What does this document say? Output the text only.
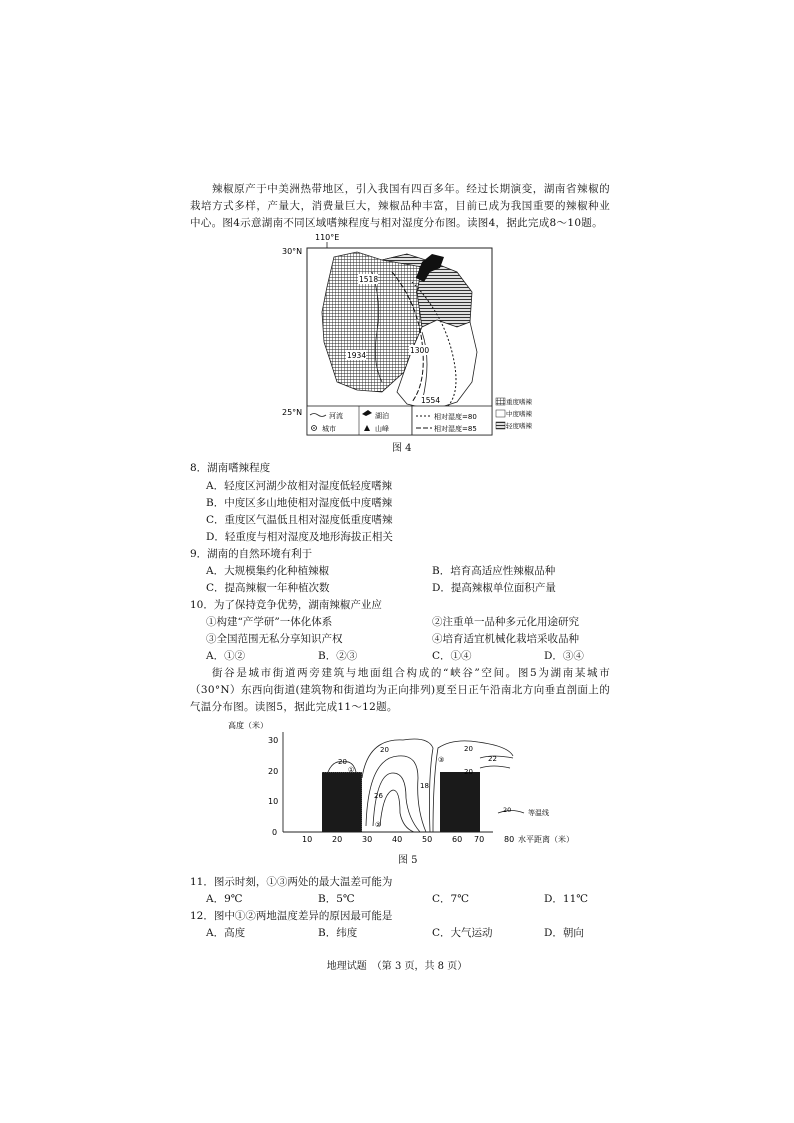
辣椒原产于中美洲热带地区，引入我国有四百多年。经过长期演变，湖南省辣椒的栽培方式多样，产量大，消费量巨大，辣椒品种丰富，目前已成为我国重要的辣椒种业中心。图4示意湖南不同区域嗜辣程度与相对湿度分布图。读图4，据此完成8～10题。
110°E
30°N
25°N
1518
1934
1300
1554
河流	湖泊
城市	山峰
相对湿度=80
相对湿度=85
重度嗜辣
中度嗜辣
轻度嗜辣
图 4
8．湖南嗜辣程度
A．轻度区河湖少故相对湿度低轻度嗜辣
B．中度区多山地使相对湿度低中度嗜辣
C．重度区气温低且相对湿度低重度嗜辣
D．轻重度与相对湿度及地形海拔正相关
9．湖南的自然环境有利于
A．大规模集约化种植辣椒	B．培育高适应性辣椒品种
C．提高辣椒一年种植次数	D．提高辣椒单位面积产量
10．为了保持竞争优势，湖南辣椒产业应
①构建“产学研”一体化体系	②注重单一品种多元化用途研究
③全国范围无私分享知识产权	④培育适宜机械化栽培采收品种
A．①②	B．②③	C．①④	D．③④
街谷是城市街道两旁建筑与地面组合构成的“峡谷”空间。图5为湖南某城市（30°N）东西向街道(建筑物和街道均为正向排列)夏至日正午沿南北方向垂直剖面上的气温分布图。读图5，据此完成11～12题。
高度（米）
30
20
10
0
10 20 30 40 50 60 70 80 水平距离（米）
20
20	20
20
22
26
18
①
②
③
20 等温线
图 5
11．图示时刻，①③两处的最大温差可能为
A．9℃	B．5℃	C．7℃	D．11℃
12．图中①②两地温度差异的原因最可能是
A．高度	B．纬度	C．大气运动	D．朝向
地理试题　（第 3 页，共 8 页）
